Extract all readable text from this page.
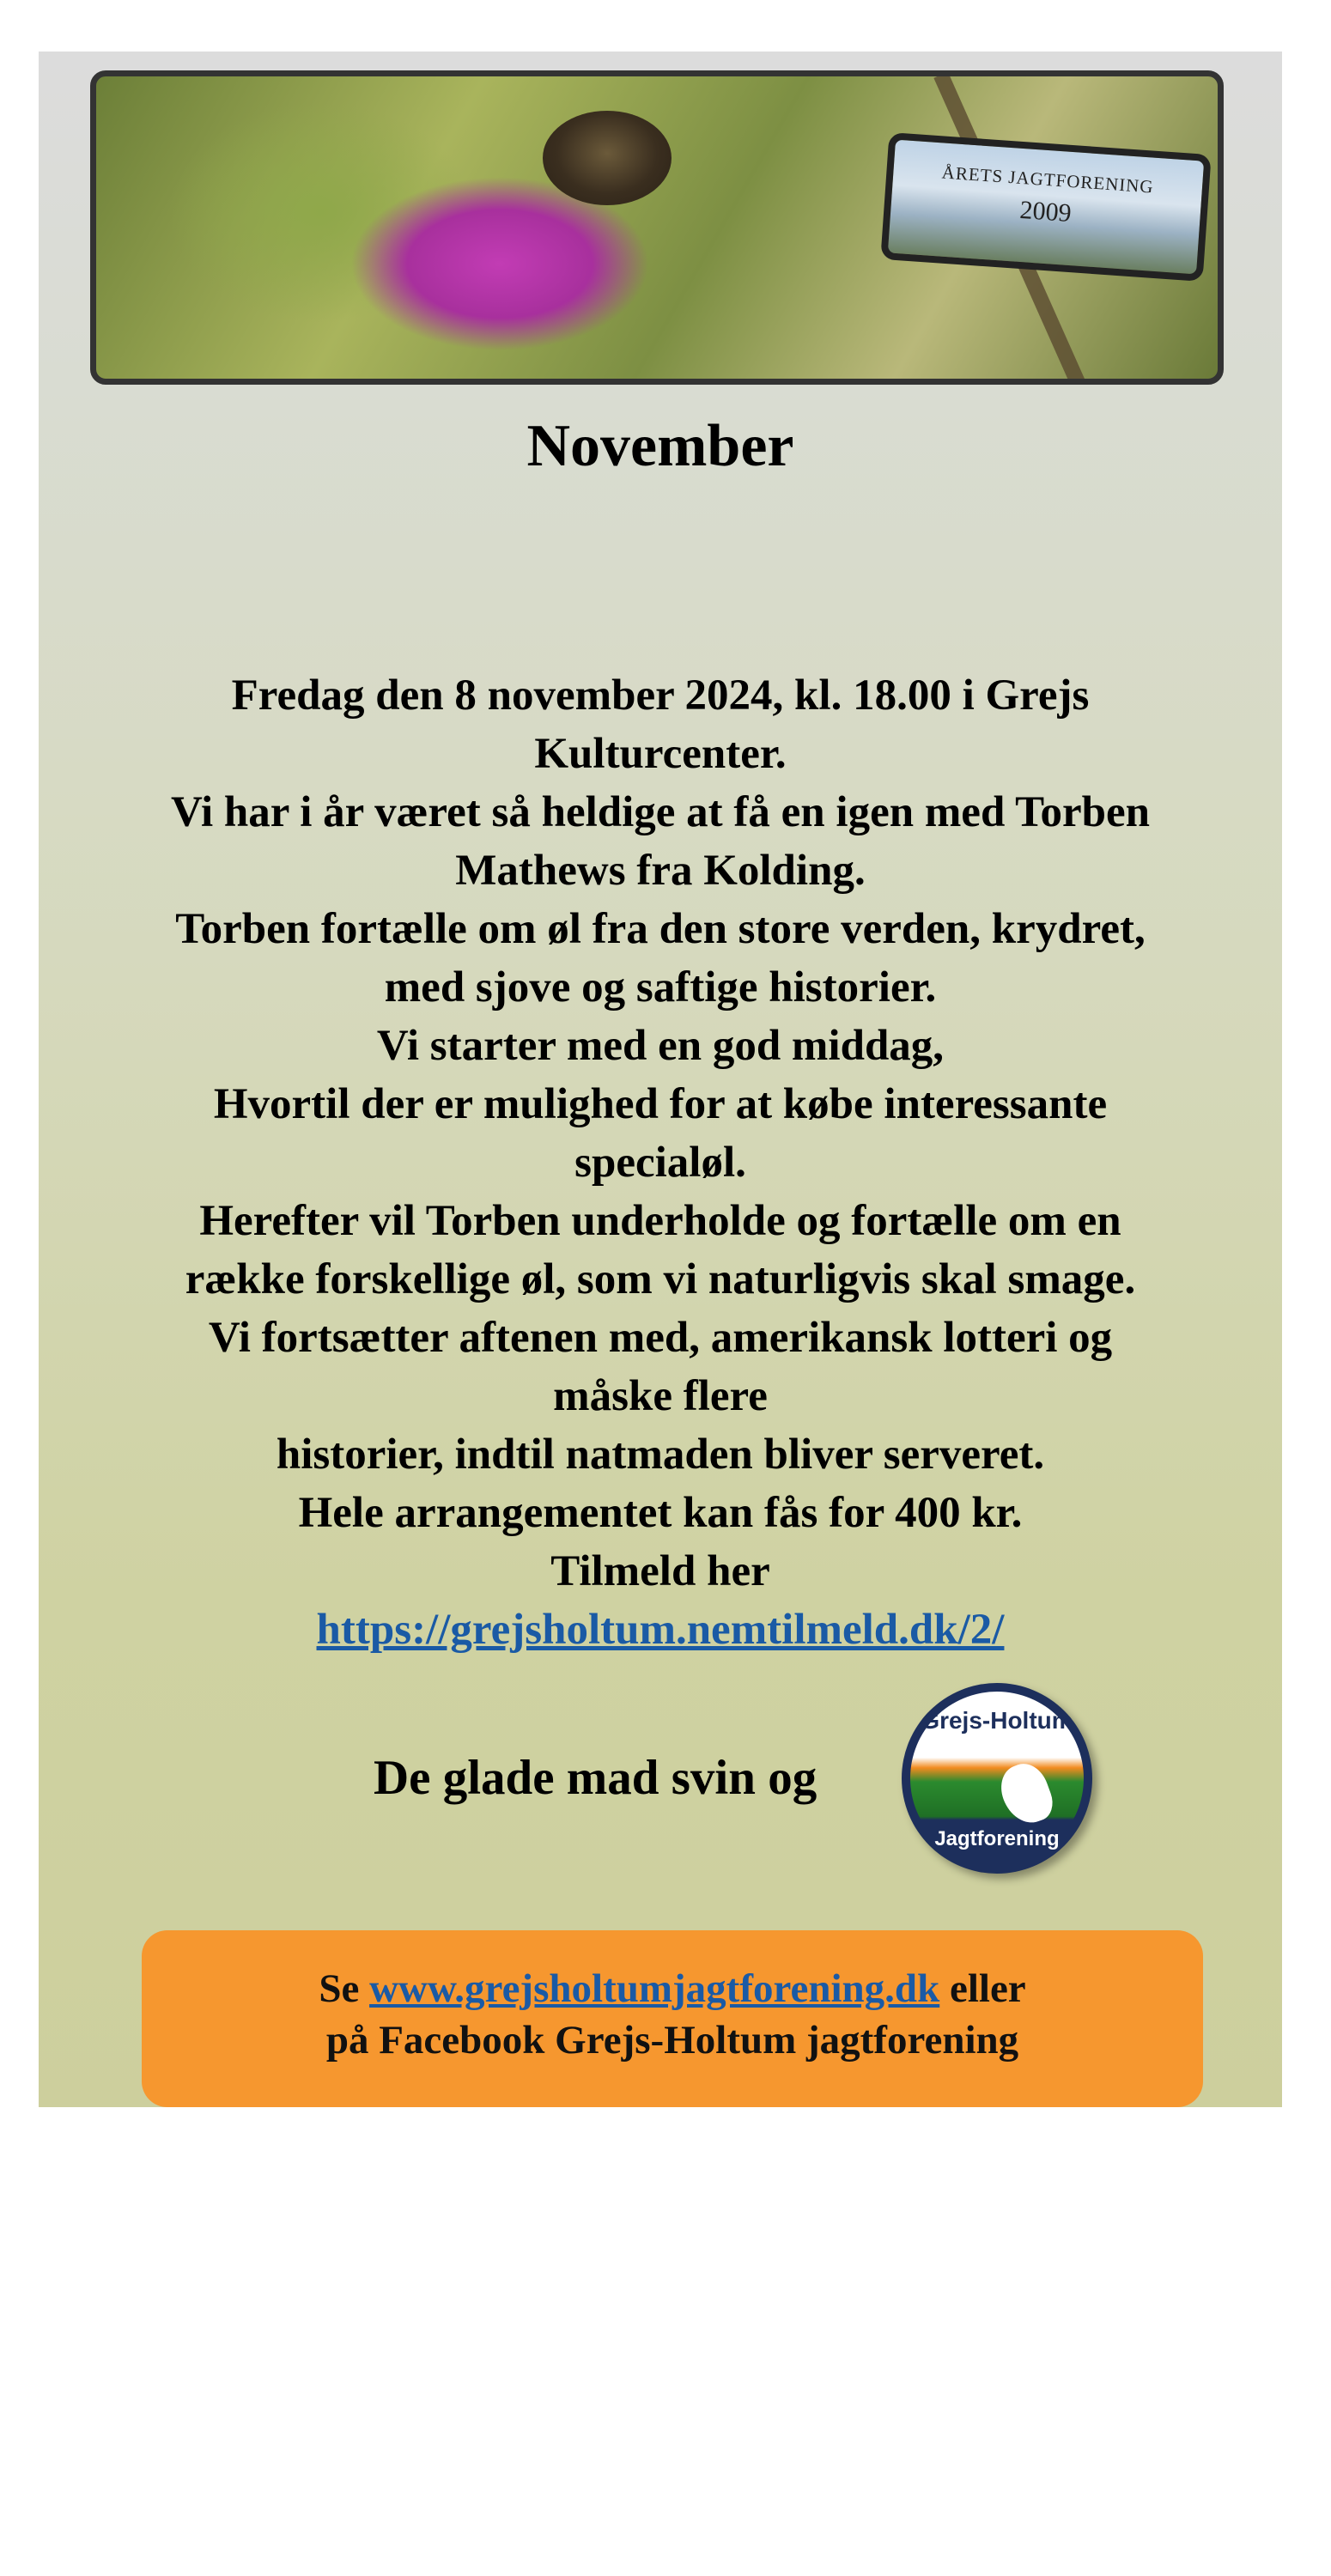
ÅRETS JAGTFORENING
2009
November
Fredag den 8 november 2024, kl. 18.00 i Grejs
Kulturcenter.
Vi har i år været så heldige at få en igen med Torben
Mathews fra Kolding.
Torben fortælle om øl fra den store verden, krydret,
med sjove og saftige historier.
Vi starter med en god middag,
Hvortil der er mulighed for at købe interessante
specialøl.
Herefter vil Torben underholde og fortælle om en
række forskellige øl, som vi naturligvis skal smage.
Vi fortsætter aftenen med, amerikansk lotteri og
måske flere
historier, indtil natmaden bliver serveret.
Hele arrangementet kan fås for 400 kr.
Tilmeld her
https://grejsholtum.nemtilmeld.dk/2/
De glade mad svin og
Grejs-Holtum
Jagtforening
Se www.grejsholtumjagtforening.dk eller
på Facebook Grejs-Holtum jagtforening
